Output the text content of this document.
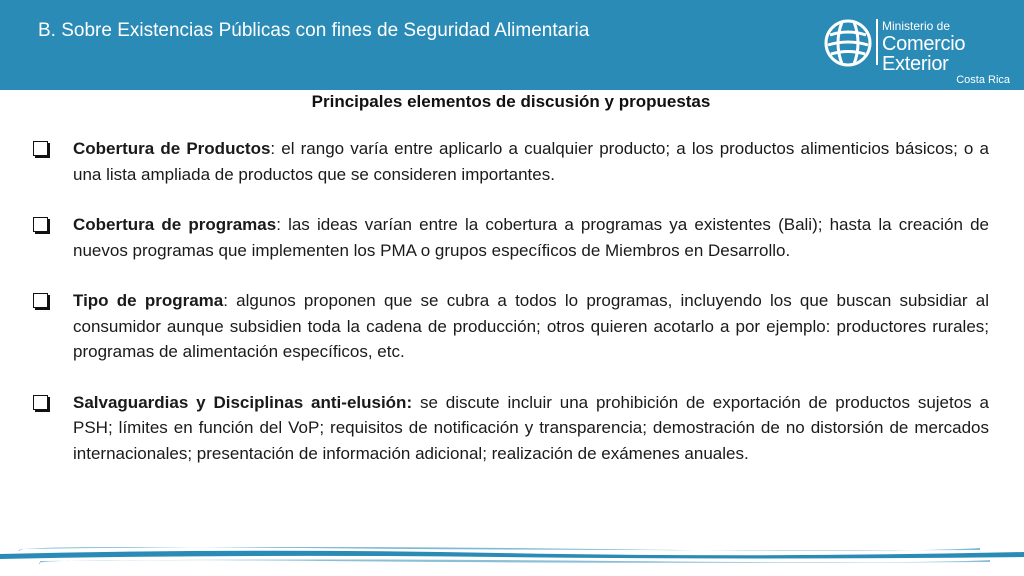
B. Sobre Existencias Públicas con fines de Seguridad Alimentaria	Ministerio de
Comercio Exterior
Costa Rica
Principales elementos de discusión y propuestas
Cobertura de Productos: el rango varía entre aplicarlo a cualquier producto; a los productos alimenticios básicos; o a una lista ampliada de productos que se consideren importantes.
Cobertura de programas: las ideas varían entre la cobertura a programas ya existentes (Bali); hasta la creación de nuevos programas que implementen los PMA o grupos específicos de Miembros en Desarrollo.
Tipo de programa: algunos proponen que se cubra a todos lo programas, incluyendo los que buscan subsidiar al consumidor aunque subsidien toda la cadena de producción; otros quieren acotarlo a por ejemplo: productores rurales; programas de alimentación específicos, etc.
Salvaguardias y Disciplinas anti-elusión: se discute incluir una prohibición de exportación de productos sujetos a PSH; límites en función del VoP; requisitos de notificación y transparencia; demostración de no distorsión de mercados internacionales; presentación de información adicional; realización de exámenes anuales.
